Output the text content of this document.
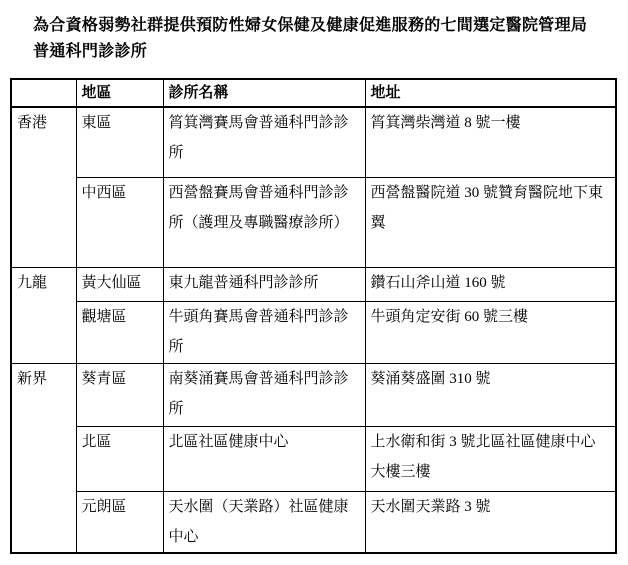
為合資格弱勢社群提供預防性婦女保健及健康促進服務的七間選定醫院管理局
普通科門診診所
	地區	診所名稱	地址
香港	東區	筲箕灣賽馬會普通科門診診所	筲箕灣柴灣道 8 號一樓
	中西區	西營盤賽馬會普通科門診診所（護理及專職醫療診所）	西營盤醫院道 30 號贊育醫院地下東翼
九龍	黃大仙區	東九龍普通科門診診所	鑽石山斧山道 160 號
	觀塘區	牛頭角賽馬會普通科門診診所	牛頭角定安街 60 號三樓
新界	葵青區	南葵涌賽馬會普通科門診診所	葵涌葵盛圍 310 號
	北區	北區社區健康中心	上水衛和街 3 號北區社區健康中心大樓三樓
	元朗區	天水圍（天業路）社區健康中心	天水圍天業路 3 號
